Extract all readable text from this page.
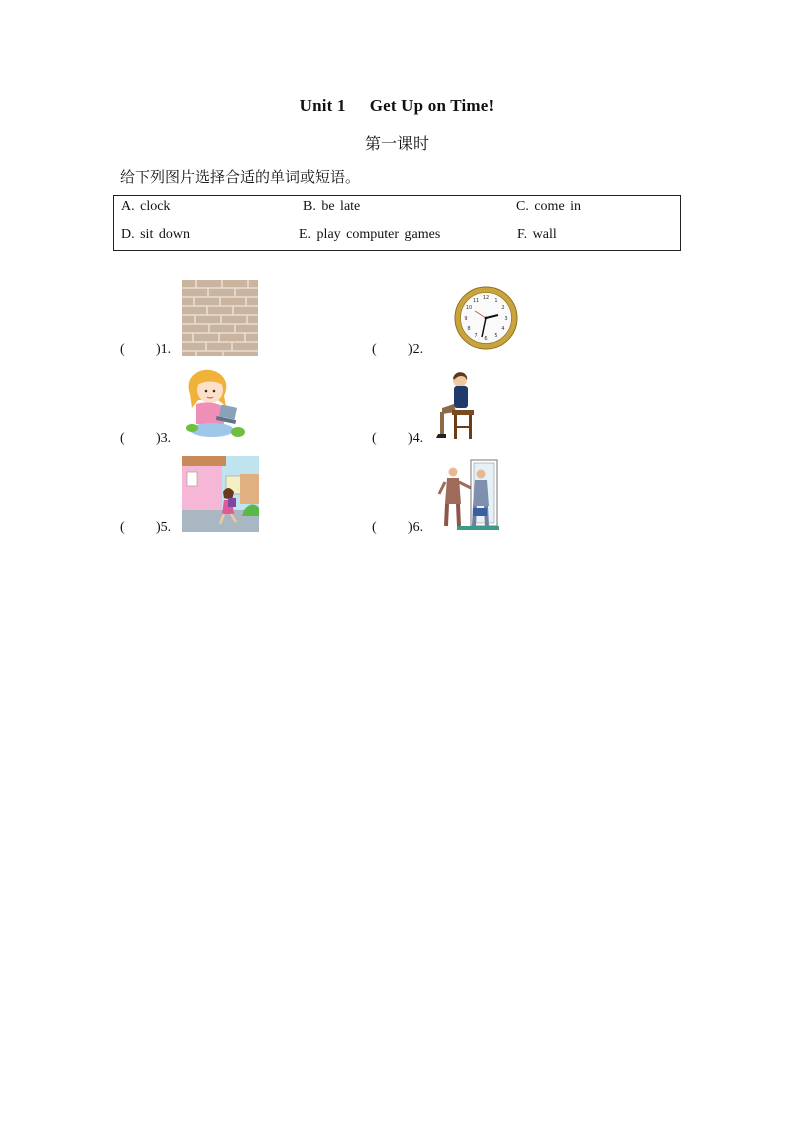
Unit 1 Get Up on Time!
第一课时
给下列图片选择合适的单词或短语。
A. clock	B. be late	C. come in
D. sit down	E. play computer games	F. wall
( )1.	( )2.
12 1
2
3
4
5
6
7
8
9
10
11
( )3.	( )4.
( )5.	( )6.
